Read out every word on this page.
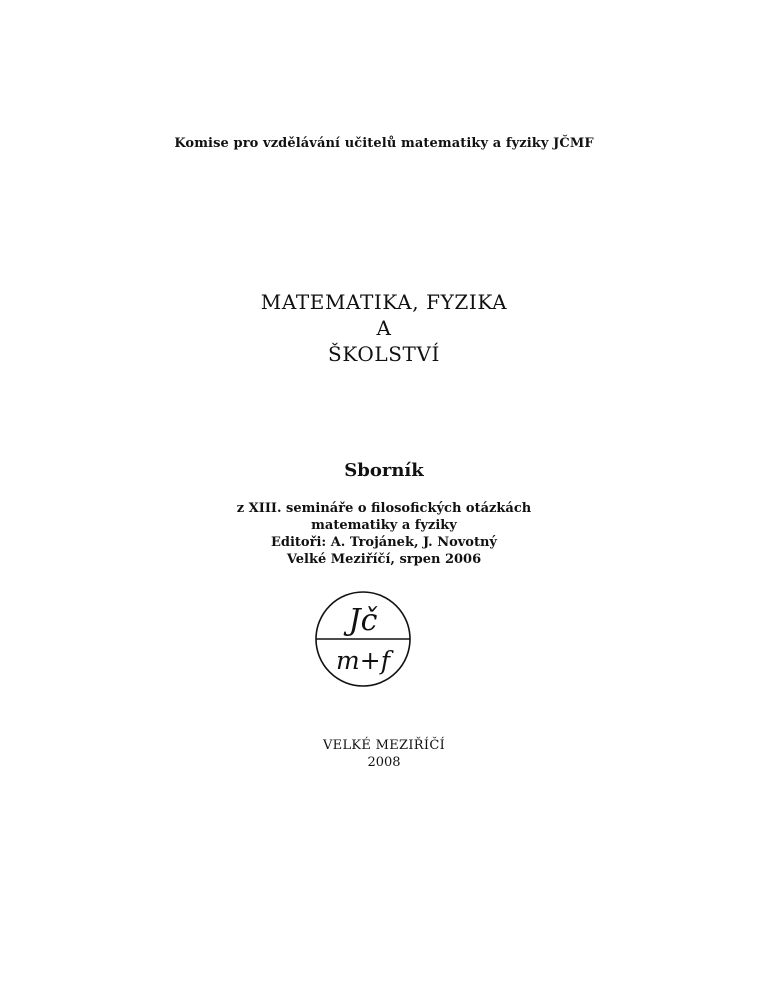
Komise pro vzdělávání učitelů matematiky a fyziky JČMF
MATEMATIKA, FYZIKA
A
ŠKOLSTVÍ
Sborník
z XIII. semináře o filosofických otázkách
matematiky a fyziky
Editoři: A. Trojánek, J. Novotný
Velké Meziříčí, srpen 2006
Jč
m+f
VELKÉ MEZIŘÍČÍ
2008
